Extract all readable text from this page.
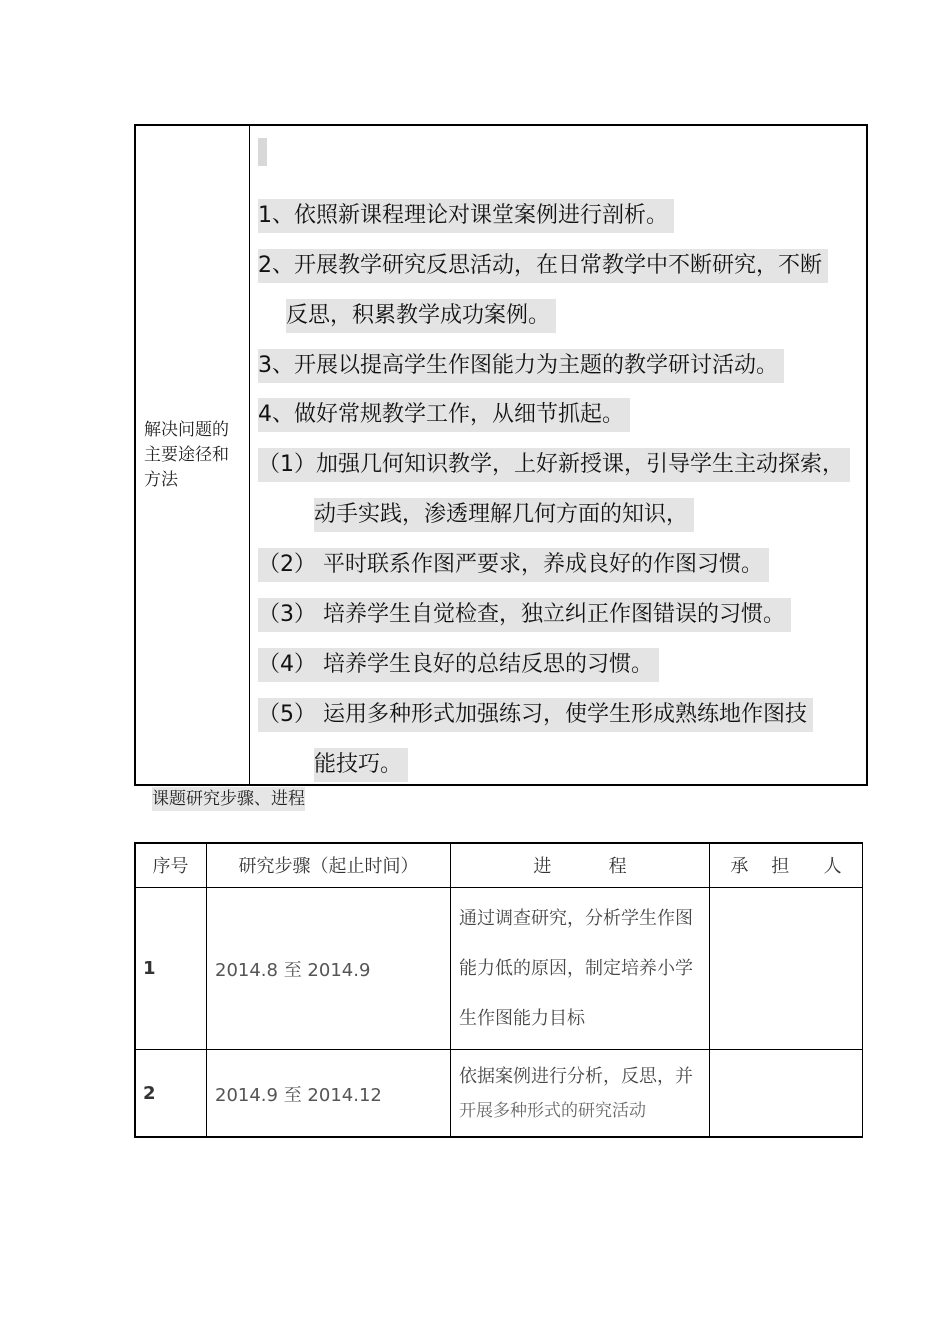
解决问题的主要途径和方法
1、依照新课程理论对课堂案例进行剖析。
2、开展教学研究反思活动，在日常教学中不断研究，不断
反思，积累教学成功案例。
3、开展以提高学生作图能力为主题的教学研讨活动。
4、做好常规教学工作，从细节抓起。
（1）加强几何知识教学，上好新授课，引导学生主动探索，
动手实践，渗透理解几何方面的知识，
（2） 平时联系作图严要求，养成良好的作图习惯。
（3） 培养学生自觉检查，独立纠正作图错误的习惯。
（4） 培养学生良好的总结反思的习惯。
（5） 运用多种形式加强练习，使学生形成熟练地作图技
能技巧。
课题研究步骤、进程
序号	研究步骤（起止时间）	进          程	承    担      人
1	2014.8 至 2014.9	通过调查研究，分析学生作图
能力低的原因，制定培养小学
生作图能力目标	

2	2014.9 至 2014.12	依据案例进行分析，反思，并
开展多种形式的研究活动	
